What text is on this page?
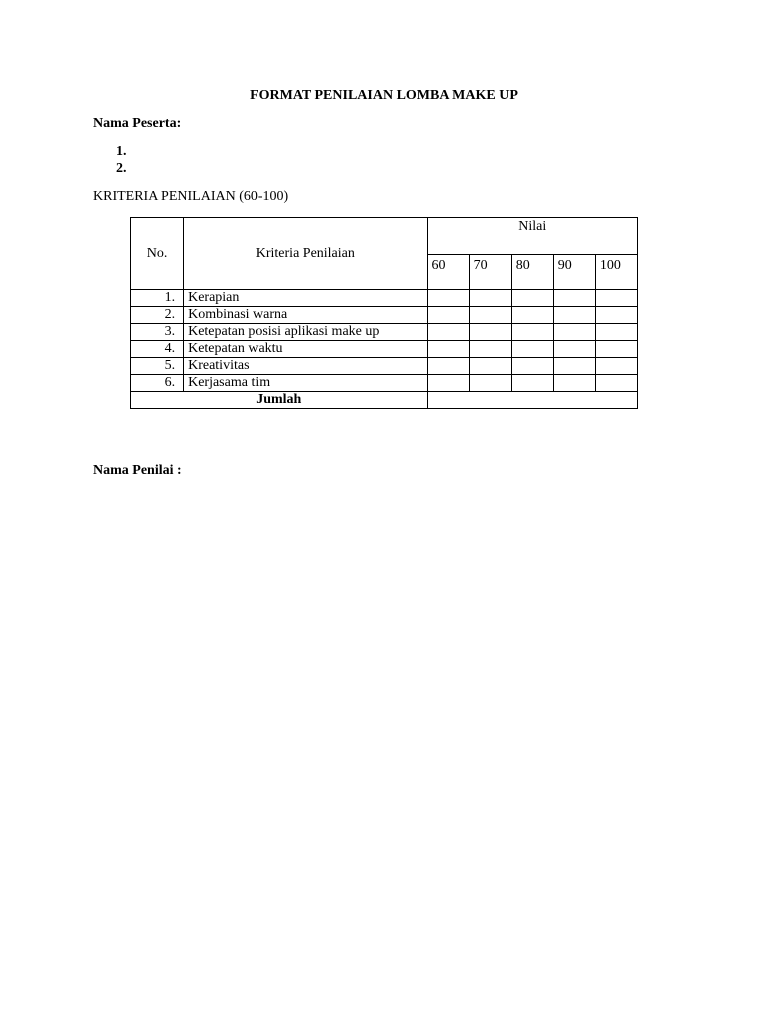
FORMAT PENILAIAN LOMBA MAKE UP
Nama Peserta:
1.
2.
KRITERIA PENILAIAN (60-100)
No.	Kriteria Penilaian	Nilai				
		60	70	80	90	100

1.	Kerapian					
2.	Kombinasi warna					
3.	Ketepatan posisi aplikasi make up					
4.	Ketepatan waktu					
5.	Kreativitas					
6.	Kerjasama tim					
Jumlah						
Nama Penilai :
